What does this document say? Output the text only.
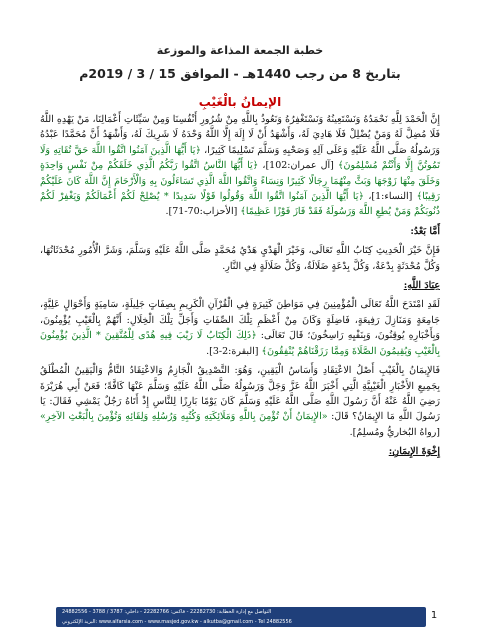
خطبة الجمعة المذاعة والموزعة
بتاريخ 8 من رجب 1440هـ - الموافق 15 / 3 / 2019م
الإيمانُ بالْغَيْبِ

إِنَّ الْحَمْدَ لِلَّهِ نَحْمَدُهُ وَنَسْتَعِينُهُ وَنَسْتَغْفِرُهُ وَنَعُوذُ بِاللَّهِ مِنْ شُرُورِ أَنْفُسِنَا وَمِنْ سَيِّئَاتِ أَعْمَالِنَا، مَنْ يَهْدِهِ اللَّهُ فَلَا مُضِلَّ لَهُ وَمَنْ يُضْلِلْ فَلَا هَادِيَ لَهُ، وَأَشْهَدُ أَنْ لَا إِلَهَ إِلَّا اللَّهُ وَحْدَهُ لَا شَرِيكَ لَهُ، وَأَشْهَدُ أَنَّ مُحَمَّدًا عَبْدُهُ وَرَسُولُهُ صَلَّى اللَّهُ عَلَيْهِ وَعَلَى آلِهِ وَصَحْبِهِ وَسَلَّمَ تَسْلِيمًا كَثِيرًا، ﴿يَا أَيُّهَا الَّذِينَ آمَنُوا اتَّقُوا اللَّهَ حَقَّ تُقَاتِهِ وَلَا تَمُوتُنَّ إِلَّا وَأَنْتُمْ مُسْلِمُونَ﴾ [آل عمران:102]، ﴿يَا أَيُّهَا النَّاسُ اتَّقُوا رَبَّكُمُ الَّذِي خَلَقَكُمْ مِنْ نَفْسٍ وَاحِدَةٍ وَخَلَقَ مِنْهَا زَوْجَهَا وَبَثَّ مِنْهُمَا رِجَالًا كَثِيرًا وَنِسَاءً وَاتَّقُوا اللَّهَ الَّذِي تَسَاءَلُونَ بِهِ وَالْأَرْحَامَ إِنَّ اللَّهَ كَانَ عَلَيْكُمْ رَقِيبًا﴾ [النساء:1]، ﴿يَا أَيُّهَا الَّذِينَ آمَنُوا اتَّقُوا اللَّهَ وَقُولُوا قَوْلًا سَدِيدًا * يُصْلِحْ لَكُمْ أَعْمَالَكُمْ وَيَغْفِرْ لَكُمْ ذُنُوبَكُمْ وَمَنْ يُطِعِ اللَّهَ وَرَسُولَهُ فَقَدْ فَازَ فَوْزًا عَظِيمًا﴾ [الأحزاب:70-71].

أَمَّا بَعْدُ:

فَإِنَّ خَيْرَ الْحَدِيثِ كِتَابُ اللَّهِ تَعَالَى، وَخَيْرَ الْهَدْيِ هَدْيُ مُحَمَّدٍ صَلَّى اللَّهُ عَلَيْهِ وَسَلَّمَ، وَشَرَّ الْأُمُورِ مُحْدَثَاتُهَا، وَكُلَّ مُحْدَثَةٍ بِدْعَةٌ، وَكُلَّ بِدْعَةٍ ضَلَالَةٌ، وَكُلَّ ضَلَالَةٍ فِي النَّارِ.

عِبَادَ اللَّهِ:

لَقَدِ امْتَدَحَ اللَّهُ تَعَالَى الْمُؤْمِنِينَ فِي مَوَاطِنَ كَثِيرَةٍ فِي الْقُرْآنِ الْكَرِيمِ بِصِفَاتٍ جَلِيلَةٍ، سَامِيَةٍ وَأَحْوَالٍ عَلِيَّةٍ، جَامِعَةٍ وَمَنَازِلَ رَفِيعَةٍ، فَاضِلَةٍ وَكَانَ مِنْ أَعْظَمِ تِلْكَ الصِّفَاتِ وَأَجَلِّ تِلْكَ الْخِلَالِ: أَنَّهُمْ بِالْغَيْبِ يُؤْمِنُونَ، وَبِأَخْبَارِهِ يُوقِنُونَ، وَبِنَفْيِهِ رَاسِخُونَ؛ قَالَ تَعَالَى: ﴿ذَلِكَ الْكِتَابُ لَا رَيْبَ فِيهِ هُدًى لِلْمُتَّقِينَ * الَّذِينَ يُؤْمِنُونَ بِالْغَيْبِ وَيُقِيمُونَ الصَّلَاةَ وَمِمَّا رَزَقْنَاهُمْ يُنْفِقُونَ﴾ [البقرة:2-3].

فَالإِيمَانُ بِالْغَيْبِ أَصْلُ الاعْتِقَادِ وَأَسَاسُ الْيَقِينِ، وَهُوَ: التَّصْدِيقُ الْجَازِمُ وَالاعْتِقَادُ التَّامُّ وَالْيَقِينُ الْمُطْلَقُ بِجَمِيعِ الأَخْبَارِ الْغَيْبِيَّةِ الَّتِي أَخْبَرَ اللَّهُ عَزَّ وَجَلَّ وَرَسُولُهُ صَلَّى اللَّهُ عَلَيْهِ وَسَلَّمَ عَنْهَا كَافَّةً؛ فَعَنْ أَبِي هُرَيْرَةَ رَضِيَ اللَّهُ عَنْهُ أَنَّ رَسُولَ اللَّهِ صَلَّى اللَّهُ عَلَيْهِ وَسَلَّمَ كَانَ يَوْمًا بَارِزًا لِلنَّاسِ إِذْ أَتَاهُ رَجُلٌ يَمْشِي فَقَالَ: يَا رَسُولَ اللَّهِ مَا الإِيمَانُ؟ قَالَ: «الإِيمَانُ أَنْ تُؤْمِنَ بِاللَّهِ وَمَلَائِكَتِهِ وَكُتُبِهِ وَرُسُلِهِ وَلِقَائِهِ وَتُؤْمِنَ بِالْبَعْثِ الآخِرِ» [رواهُ البُخاريُّ ومُسلِمٌ].

إِخْوَةَ الإِيمَانِ:

التواصل مع إدارة الخطابة: 22282730 - فاكس: 22282766 - داخلي: 3787 / 3788 - 24882556
البريد الإلكتروني: www.alfarsia.com - www.masjed.gov.kw - alkutba@gmail.com - Tel 24882556
1
